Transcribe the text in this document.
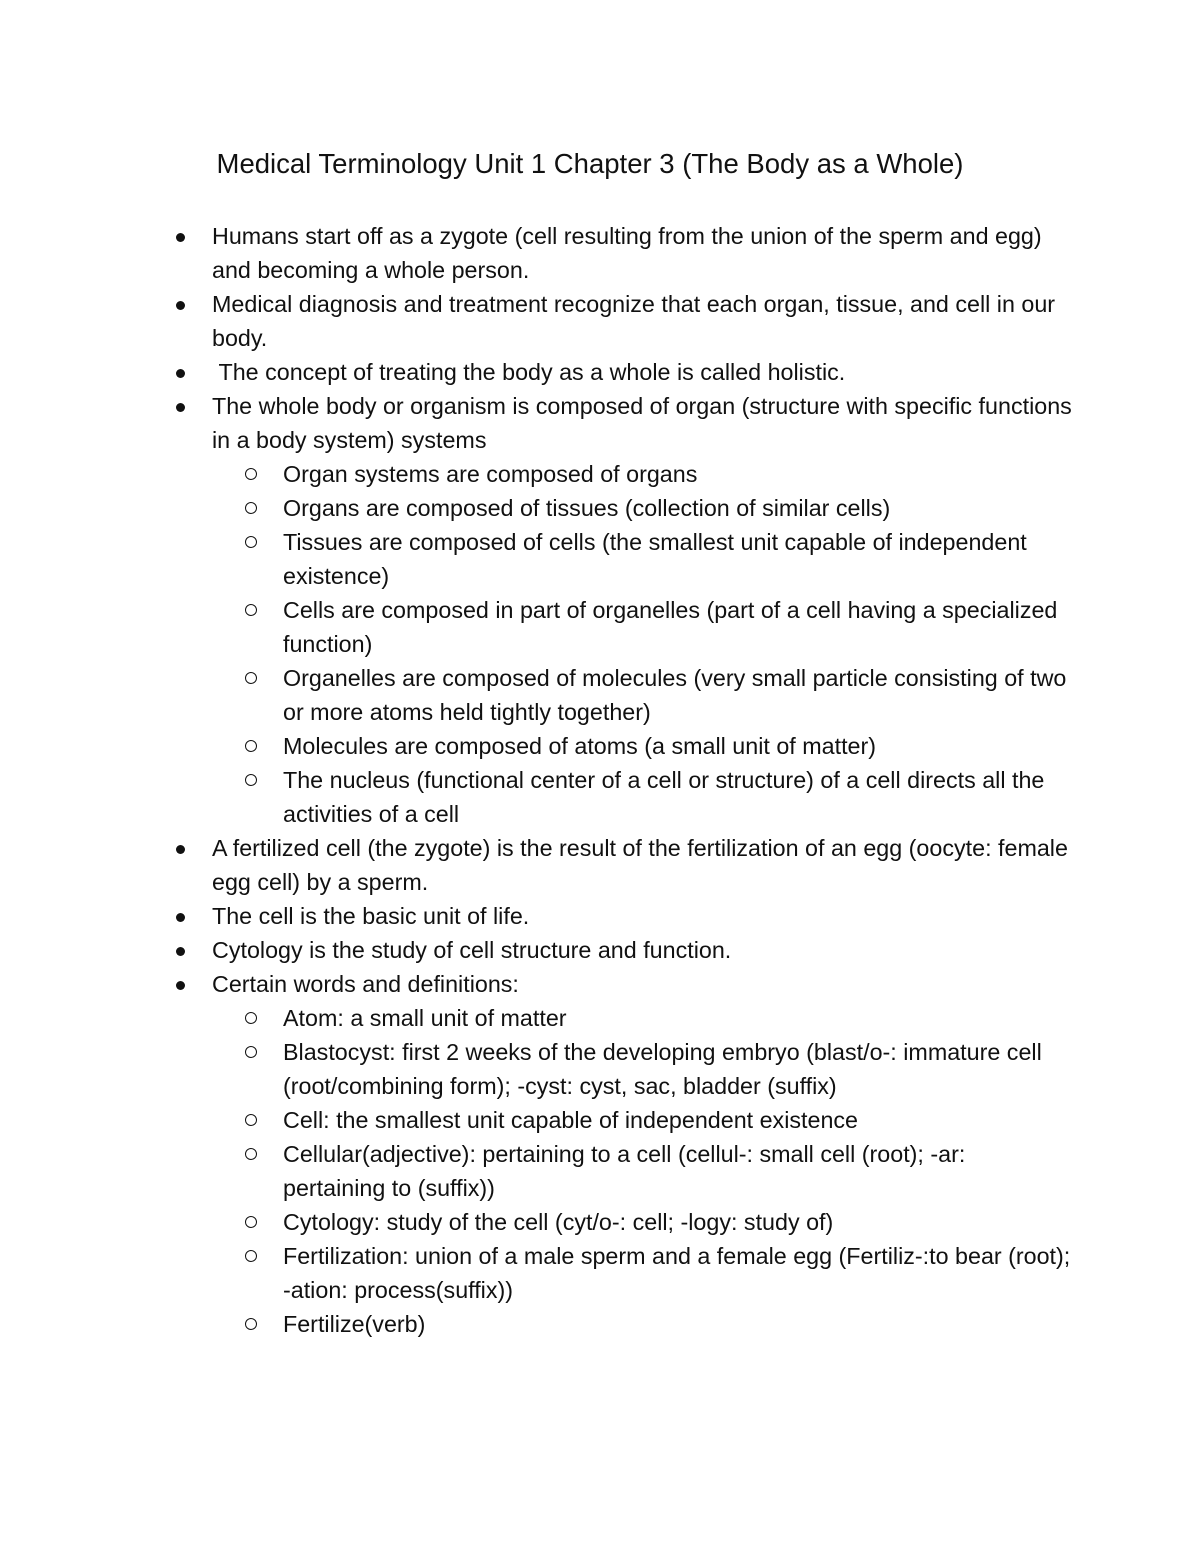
Medical Terminology Unit 1 Chapter 3 (The Body as a Whole)
Humans start off as a zygote (cell resulting from the union of the sperm and egg) and becoming a whole person.
Medical diagnosis and treatment recognize that each organ, tissue, and cell in our body.
The concept of treating the body as a whole is called holistic.
The whole body or organism is composed of organ (structure with specific functions in a body system) systems
Organ systems are composed of organs
Organs are composed of tissues (collection of similar cells)
Tissues are composed of cells (the smallest unit capable of independent existence)
Cells are composed in part of organelles (part of a cell having a specialized function)
Organelles are composed of molecules (very small particle consisting of two or more atoms held tightly together)
Molecules are composed of atoms (a small unit of matter)
The nucleus (functional center of a cell or structure) of a cell directs all the activities of a cell
A fertilized cell (the zygote) is the result of the fertilization of an egg (oocyte: female egg cell) by a sperm.
The cell is the basic unit of life.
Cytology is the study of cell structure and function.
Certain words and definitions:
Atom: a small unit of matter
Blastocyst: first 2 weeks of the developing embryo (blast/o-: immature cell (root/combining form); -cyst: cyst, sac, bladder (suffix)
Cell: the smallest unit capable of independent existence
Cellular(adjective): pertaining to a cell (cellul-: small cell (root); -ar: pertaining to (suffix))
Cytology: study of the cell (cyt/o-: cell; -logy: study of)
Fertilization: union of a male sperm and a female egg (Fertiliz-:to bear (root); -ation: process(suffix))
Fertilize(verb)
